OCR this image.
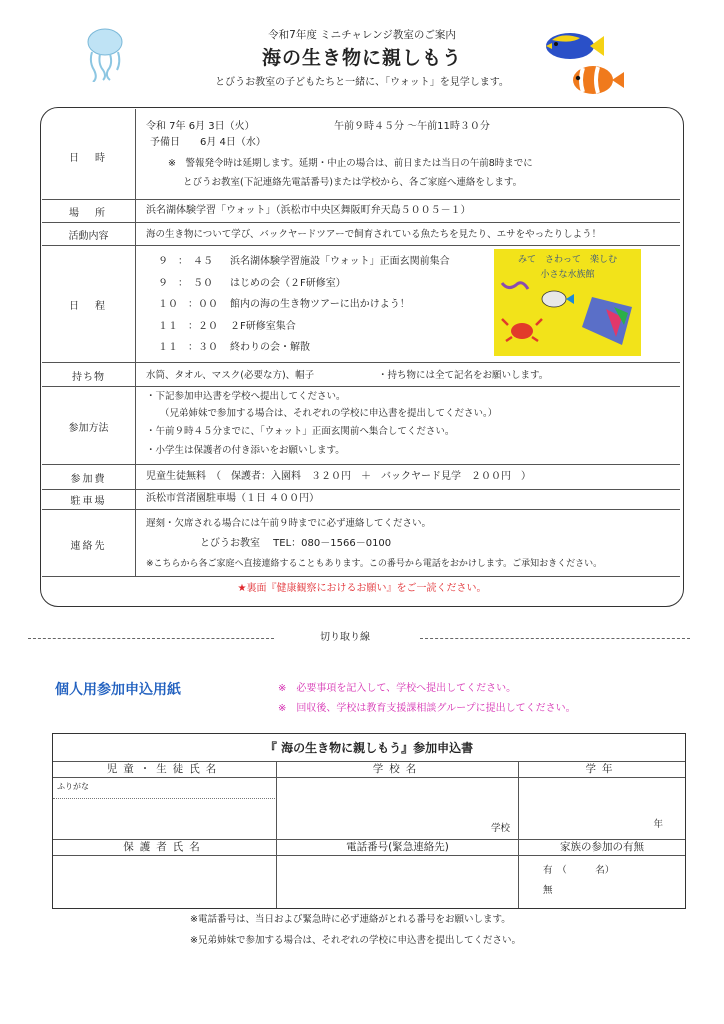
令和7年度 ミニチャレンジ教室のご案内
海の生き物に親しもう
とびうお教室の子どもたちと一緒に、「ウォット」を見学します。
日　時
令和 7年 6月 3日（火）	午前９時４５分 ～午前11時３０分
予備日　　6月 4日（水）
※　警報発令時は延期します。延期・中止の場合は、前日または当日の午前8時までに
とびうお教室(下記連絡先電話番号)または学校から、各ご家庭へ連絡をします。
場　所	浜名湖体験学習「ウォット」（浜松市中央区舞阪町弁天島５００５－１）
活動内容	海の生き物について学び、バックヤードツアーで飼育されている魚たちを見たり、エサをやったりしよう！
日　程
９　：　４５ 浜名湖体験学習施設「ウォット」正面玄関前集合
９　：　５０ はじめの会（２F研修室）
１０　：００ 館内の海の生き物ツアーに出かけよう！
１１　：２０ ２F研修室集合
１１　：３０ 終わりの会・解散
みて　さわって　楽しむ
小さな水族館
持ち物	水筒、タオル、マスク(必要な方)、帽子	・持ち物には全て記名をお願いします。
参加方法
・下記参加申込書を学校へ提出してください。
（兄弟姉妹で参加する場合は、それぞれの学校に申込書を提出してください。）
・午前９時４５分までに、「ウォット」正面玄関前へ集合してください。
・小学生は保護者の付き添いをお願いします。
参加費	児童生徒無料　（　保護者：入園料　３２０円　＋　バックヤード見学　２００円　）
駐車場	浜松市営渚園駐車場（１日 ４００円）
連絡先
遅刻・欠席される場合には午前９時までに必ず連絡してください。
とびうお教室　 TEL：080－1566－0100
※こちらから各ご家庭へ直接連絡することもあります。この番号から電話をおかけします。ご承知おきください。
★裏面『健康観察におけるお願い』をご一読ください。
切り取り線
個人用参加申込用紙	※　必要事項を記入して、学校へ提出してください。
※　回収後、学校は教育支援課相談グループに提出してください。
『 海の生き物に親しもう』参加申込書
児童・生徒氏名	学校名	学年
ふりがな
学校	年
保護者氏名	電話番号(緊急連絡先)	家族の参加の有無
有　（　　　名）
無
※電話番号は、当日および緊急時に必ず連絡がとれる番号をお願いします。
※兄弟姉妹で参加する場合は、それぞれの学校に申込書を提出してください。
